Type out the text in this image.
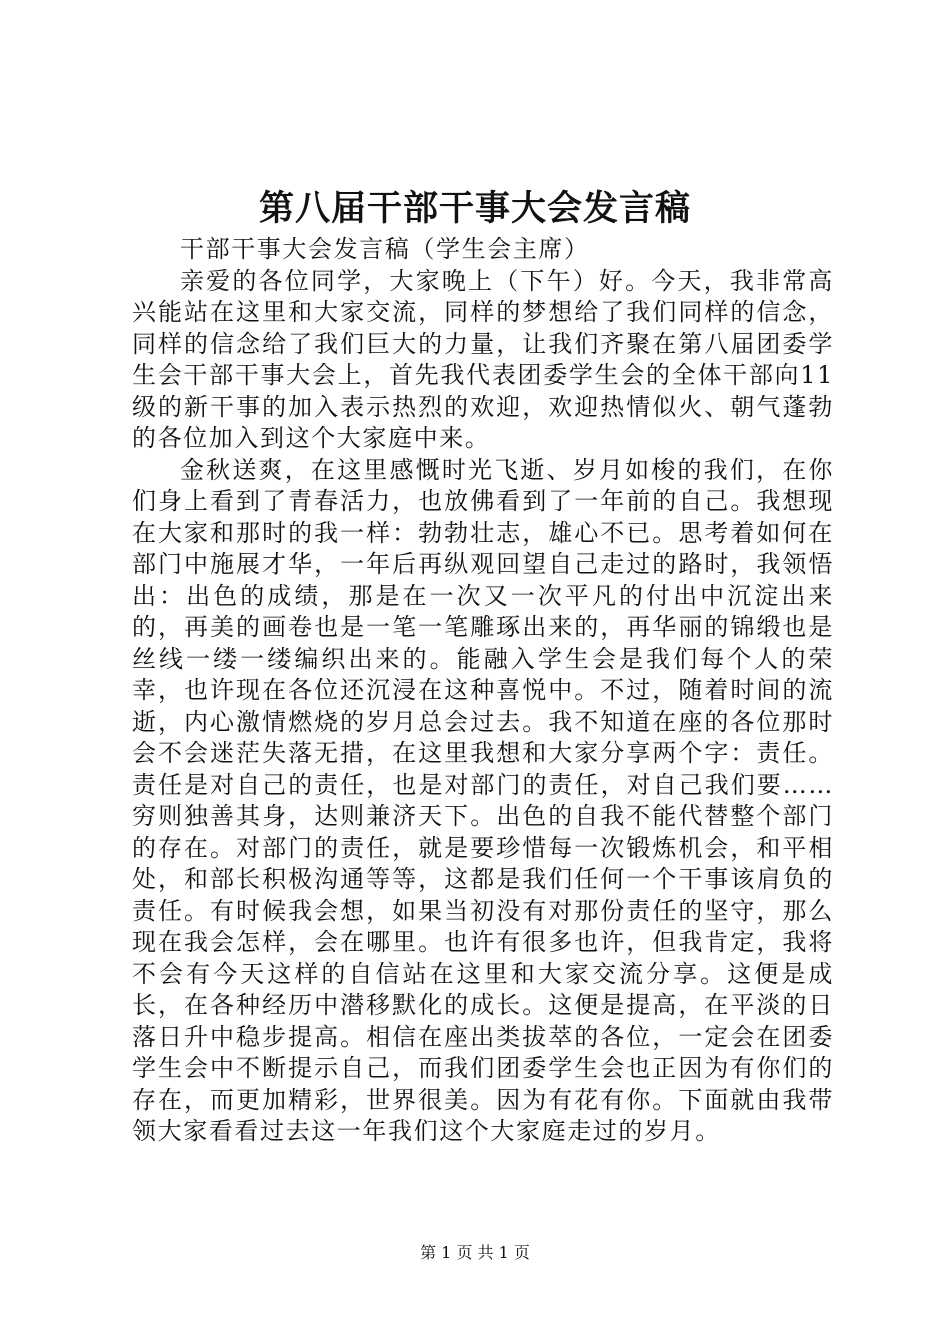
第八届干部干事大会发言稿

干部干事大会发言稿（学生会主席）

亲爱的各位同学，大家晚上（下午）好。今天，我非常高兴能站在这里和大家交流，同样的梦想给了我们同样的信念，同样的信念给了我们巨大的力量，让我们齐聚在第八届团委学生会干部干事大会上，首先我代表团委学生会的全体干部向11级的新干事的加入表示热烈的欢迎，欢迎热情似火、朝气蓬勃的各位加入到这个大家庭中来。

金秋送爽，在这里感慨时光飞逝、岁月如梭的我们，在你们身上看到了青春活力，也放佛看到了一年前的自己。我想现在大家和那时的我一样：勃勃壮志，雄心不已。思考着如何在部门中施展才华，一年后再纵观回望自己走过的路时，我领悟出：出色的成绩，那是在一次又一次平凡的付出中沉淀出来的，再美的画卷也是一笔一笔雕琢出来的，再华丽的锦缎也是丝线一缕一缕编织出来的。能融入学生会是我们每个人的荣幸，也许现在各位还沉浸在这种喜悦中。不过，随着时间的流逝，内心激情燃烧的岁月总会过去。我不知道在座的各位那时会不会迷茫失落无措，在这里我想和大家分享两个字：责任。责任是对自己的责任，也是对部门的责任，对自己我们要……穷则独善其身，达则兼济天下。出色的自我不能代替整个部门的存在。对部门的责任，就是要珍惜每一次锻炼机会，和平相处，和部长积极沟通等等，这都是我们任何一个干事该肩负的责任。有时候我会想，如果当初没有对那份责任的坚守，那么现在我会怎样，会在哪里。也许有很多也许，但我肯定，我将不会有今天这样的自信站在这里和大家交流分享。这便是成长，在各种经历中潜移默化的成长。这便是提高，在平淡的日落日升中稳步提高。相信在座出类拔萃的各位，一定会在团委学生会中不断提示自己，而我们团委学生会也正因为有你们的存在，而更加精彩，世界很美。因为有花有你。下面就由我带领大家看看过去这一年我们这个大家庭走过的岁月。

第 1 页 共 1 页
